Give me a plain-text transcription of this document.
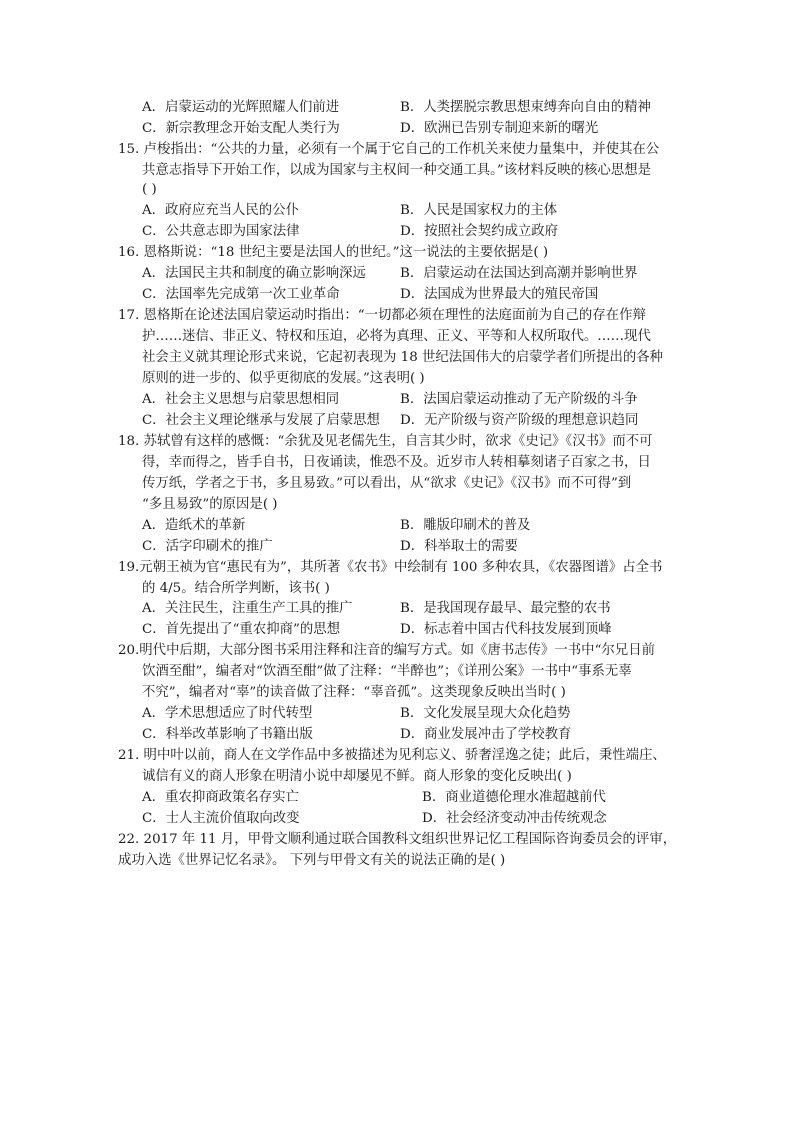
A．启蒙运动的光辉照耀人们前进	B．人类摆脱宗教思想束缚奔向自由的精神
C．新宗教理念开始支配人类行为	D．欧洲已告别专制迎来新的曙光
15. 卢梭指出：“公共的力量，必须有一个属于它自己的工作机关来使力量集中，并使其在公
共意志指导下开始工作，以成为国家与主权间一种交通工具。”该材料反映的核心思想是
( )
A．政府应充当人民的公仆	B．人民是国家权力的主体
C．公共意志即为国家法律	D．按照社会契约成立政府
16. 恩格斯说：“18 世纪主要是法国人的世纪。”这一说法的主要依据是( )
A．法国民主共和制度的确立影响深远	B．启蒙运动在法国达到高潮并影响世界
C．法国率先完成第一次工业革命	D．法国成为世界最大的殖民帝国
17. 恩格斯在论述法国启蒙运动时指出：“一切都必须在理性的法庭面前为自己的存在作辩
护……迷信、非正义、特权和压迫，必将为真理、正义、平等和人权所取代。……现代
社会主义就其理论形式来说，它起初表现为 18 世纪法国伟大的启蒙学者们所提出的各种
原则的进一步的、似乎更彻底的发展。”这表明( )
A．社会主义思想与启蒙思想相同	B．法国启蒙运动推动了无产阶级的斗争
C．社会主义理论继承与发展了启蒙思想 D．无产阶级与资产阶级的理想意识趋同
18. 苏轼曾有这样的感慨：“余犹及见老儒先生，自言其少时，欲求《史记》《汉书》而不可
得，幸而得之，皆手自书，日夜诵读，惟恐不及。近岁市人转相摹刻诸子百家之书，日
传万纸，学者之于书，多且易致。”可以看出，从“欲求《史记》《汉书》而不可得”到
“多且易致”的原因是( )
A．造纸术的革新	B．雕版印刷术的普及
C．活字印刷术的推广	D．科举取士的需要
19.元朝王祯为官“惠民有为”，其所著《农书》中绘制有 100 多种农具，《农器图谱》占全书
的 4/5。结合所学判断，该书( )
A．关注民生，注重生产工具的推广	B．是我国现存最早、最完整的农书
C．首先提出了“重农抑商”的思想	D．标志着中国古代科技发展到顶峰
20.明代中后期，大部分图书采用注释和注音的编写方式。如《唐书志传》一书中“尔兄日前
饮酒至酣”，编者对“饮酒至酣”做了注释：“半醉也”；《详刑公案》一书中“事系无辜
不究”，编者对“辜”的读音做了注释：“辜音孤”。这类现象反映出当时( )
A．学术思想适应了时代转型	B．文化发展呈现大众化趋势
C．科举改革影响了书籍出版	D．商业发展冲击了学校教育
21. 明中叶以前，商人在文学作品中多被描述为见利忘义、骄奢淫逸之徒；此后，秉性端庄、
诚信有义的商人形象在明清小说中却屡见不鲜。商人形象的变化反映出( )
A．重农抑商政策名存实亡	B．商业道德伦理水准超越前代
C．士人主流价值取向改变	D．社会经济变动冲击传统观念
22. 2017 年 11 月，甲骨文顺利通过联合国教科文组织世界记忆工程国际咨询委员会的评审，
成功入选《世界记忆名录》。 下列与甲骨文有关的说法正确的是( )
